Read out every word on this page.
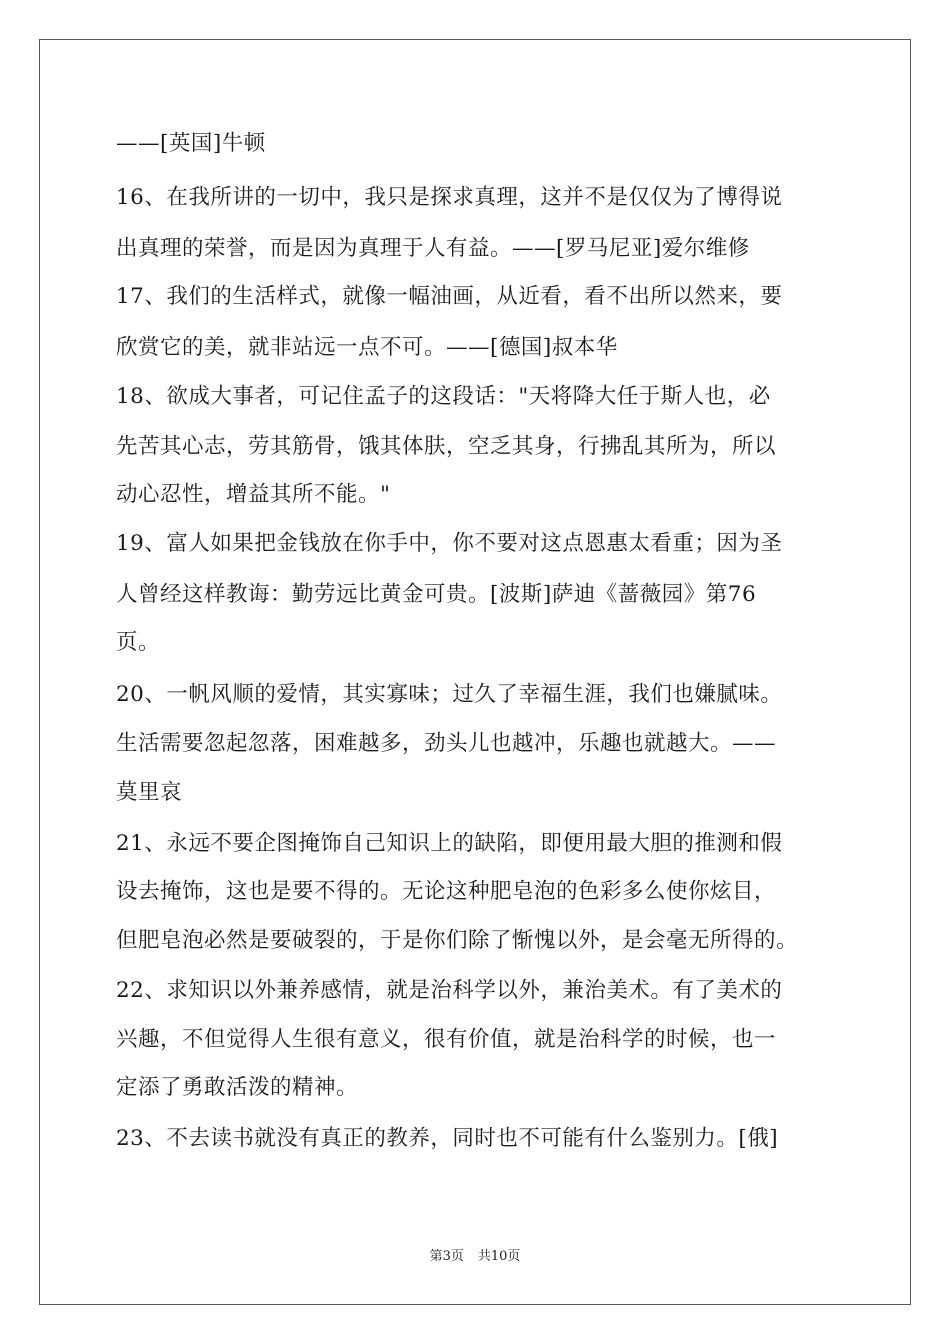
——[英国]牛顿
16、在我所讲的一切中，我只是探求真理，这并不是仅仅为了博得说
出真理的荣誉，而是因为真理于人有益。——[罗马尼亚]爱尔维修
17、我们的生活样式，就像一幅油画，从近看，看不出所以然来，要
欣赏它的美，就非站远一点不可。——[德国]叔本华
18、欲成大事者，可记住孟子的这段话："天将降大任于斯人也，必
先苦其心志，劳其筋骨，饿其体肤，空乏其身，行拂乱其所为，所以
动心忍性，增益其所不能。"
19、富人如果把金钱放在你手中，你不要对这点恩惠太看重；因为圣
人曾经这样教诲：勤劳远比黄金可贵。[波斯]萨迪《蔷薇园》第76
页。
20、一帆风顺的爱情，其实寡味；过久了幸福生涯，我们也嫌腻味。
生活需要忽起忽落，困难越多，劲头儿也越冲，乐趣也就越大。——
莫里哀
21、永远不要企图掩饰自己知识上的缺陷，即便用最大胆的推测和假
设去掩饰，这也是要不得的。无论这种肥皂泡的色彩多么使你炫目，
但肥皂泡必然是要破裂的，于是你们除了惭愧以外，是会毫无所得的。
22、求知识以外兼养感情，就是治科学以外，兼治美术。有了美术的
兴趣，不但觉得人生很有意义，很有价值，就是治科学的时候，也一
定添了勇敢活泼的精神。
23、不去读书就没有真正的教养，同时也不可能有什么鉴别力。[俄]
第3页 共10页
